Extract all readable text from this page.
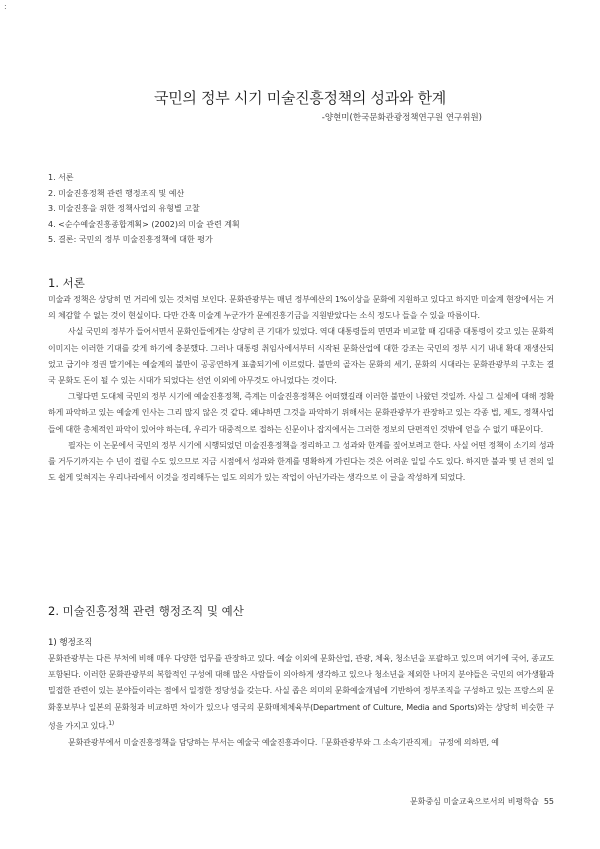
:
국민의 정부 시기 미술진흥정책의 성과와 한계
-양현미(한국문화관광정책연구원 연구위원)
1. 서론
2. 미술진흥정책 관련 행정조직 및 예산
3. 미술진흥을 위한 정책사업의 유형별 고찰
4. <순수예술진흥종합계획> (2002)의 미술 관련 계획
5. 결론: 국민의 정부 미술진흥정책에 대한 평가
1. 서론

미술과 정책은 상당히 먼 거리에 있는 것처럼 보인다. 문화관광부는 매년 정부예산의 1%이상을 문화에 지원하고 있다고 하지만 미술계 현장에서는 거의 체감할 수 없는 것이 현실이다. 다만 간혹 미술계 누군가가 문예진흥기금을 지원받았다는 소식 정도나 들을 수 있을 따름이다.

사실 국민의 정부가 들어서면서 문화인들에게는 상당히 큰 기대가 있었다. 역대 대통령들의 면면과 비교할 때 김대중 대통령이 갖고 있는 문화적 이미지는 이러한 기대를 갖게 하기에 충분했다. 그러나 대통령 취임사에서부터 시작된 문화산업에 대한 강조는 국민의 정부 시기 내내 확대 재생산되었고 급기야 정권 말기에는 예술계의 불만이 공공연하게 표출되기에 이르렀다. 불만의 골자는 문화의 세기, 문화의 시대라는 문화관광부의 구호는 결국 문화도 돈이 될 수 있는 시대가 되었다는 선언 이외에 아무것도 아니었다는 것이다.

그렇다면 도대체 국민의 정부 시기에 예술진흥정책, 즉계는 미술진흥정책은 어떠했길래 이러한 불만이 나왔던 것일까. 사실 그 실체에 대해 정확하게 파악하고 있는 예술계 인사는 그리 많지 않은 것 같다. 왜냐하면 그것을 파악하기 위해서는 문화관광부가 관장하고 있는 각종 법, 제도, 정책사업들에 대한 총체적인 파악이 있어야 하는데, 우리가 대중적으로 접하는 신문이나 잡지에서는 그러한 정보의 단편적인 것밖에 얻을 수 없기 때문이다.

필자는 이 논문에서 국민의 정부 시기에 시행되었던 미술진흥정책을 정리하고 그 성과와 한계를 짚어보려고 한다. 사실 어떤 정책이 소기의 성과를 거두기까지는 수 년이 걸릴 수도 있으므로 지금 시점에서 성과와 한계를 명확하게 가린다는 것은 어려운 일일 수도 있다. 하지만 불과 몇 년 전의 일도 쉽게 잊혀지는 우리나라에서 이것을 정리해두는 일도 의의가 있는 작업이 아닌가라는 생각으로 이 글을 작성하게 되었다.

2. 미술진흥정책 관련 행정조직 및 예산
1) 행정조직

문화관광부는 다른 부처에 비해 매우 다양한 업무를 관장하고 있다. 예술 이외에 문화산업, 관광, 체육, 청소년을 포괄하고 있으며 여기에 국어, 종교도 포함된다. 이러한 문화관광부의 복합적인 구성에 대해 많은 사람들이 의아하게 생각하고 있으나 청소년을 제외한 나머지 분야들은 국민의 여가생활과 밀접한 관련이 있는 분야들이라는 점에서 일정한 정당성을 갖는다. 사실 좁은 의미의 문화예술개념에 기반하여 정부조직을 구성하고 있는 프랑스의 문화홍보부나 일본의 문화청과 비교하면 차이가 있으나 영국의 문화매체체육부(Department of Culture, Media and Sports)와는 상당히 비슷한 구성을 가지고 있다.$^{1)}$

문화관광부에서 미술진흥정책을 담당하는 부서는 예술국 예술진흥과이다.「문화관광부와 그 소속기관직제」 규정에 의하면, 예

문화중심 미술교육으로서의 비평학습 55
